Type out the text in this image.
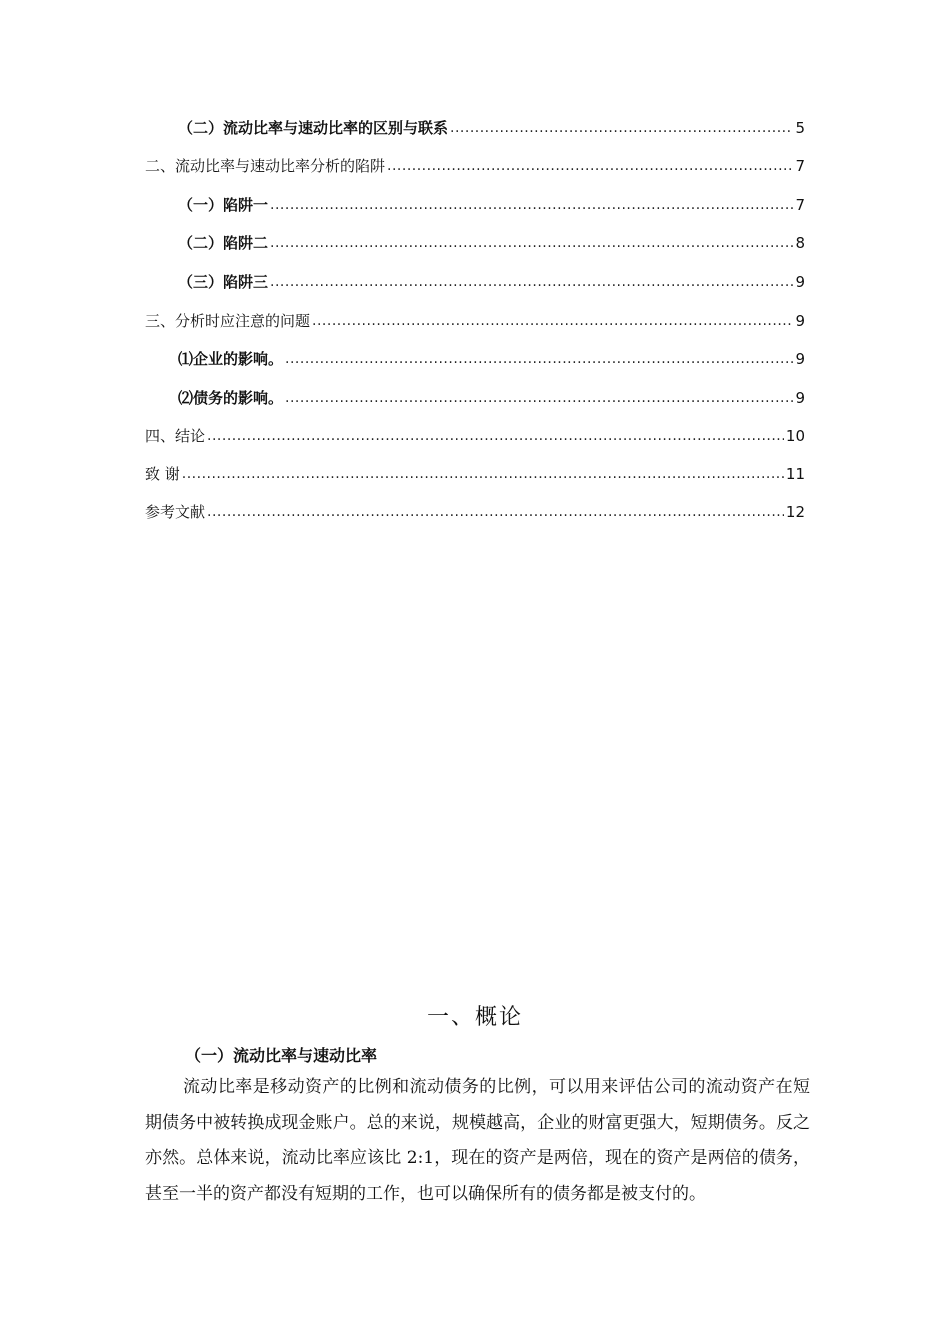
（二）流动比率与速动比率的区别与联系 .....	5
二、流动比率与速动比率分析的陷阱 .....	7
（一）陷阱一 .....	7
（二）陷阱二 .....	8
（三）陷阱三 .....	9
三、分析时应注意的问题 .....	9
⑴企业的影响。 .....	9
⑵债务的影响。 .....	9
四、结论 .....	10
致 谢 .....	11
参考文献 .....	12
一、概论
（一）流动比率与速动比率

流动比率是移动资产的比例和流动债务的比例，可以用来评估公司的流动资产在短期债务中被转换成现金账户。总的来说，规模越高，企业的财富更强大，短期债务。反之亦然。总体来说，流动比率应该比 2:1，现在的资产是两倍，现在的资产是两倍的债务，甚至一半的资产都没有短期的工作，也可以确保所有的债务都是被支付的。
